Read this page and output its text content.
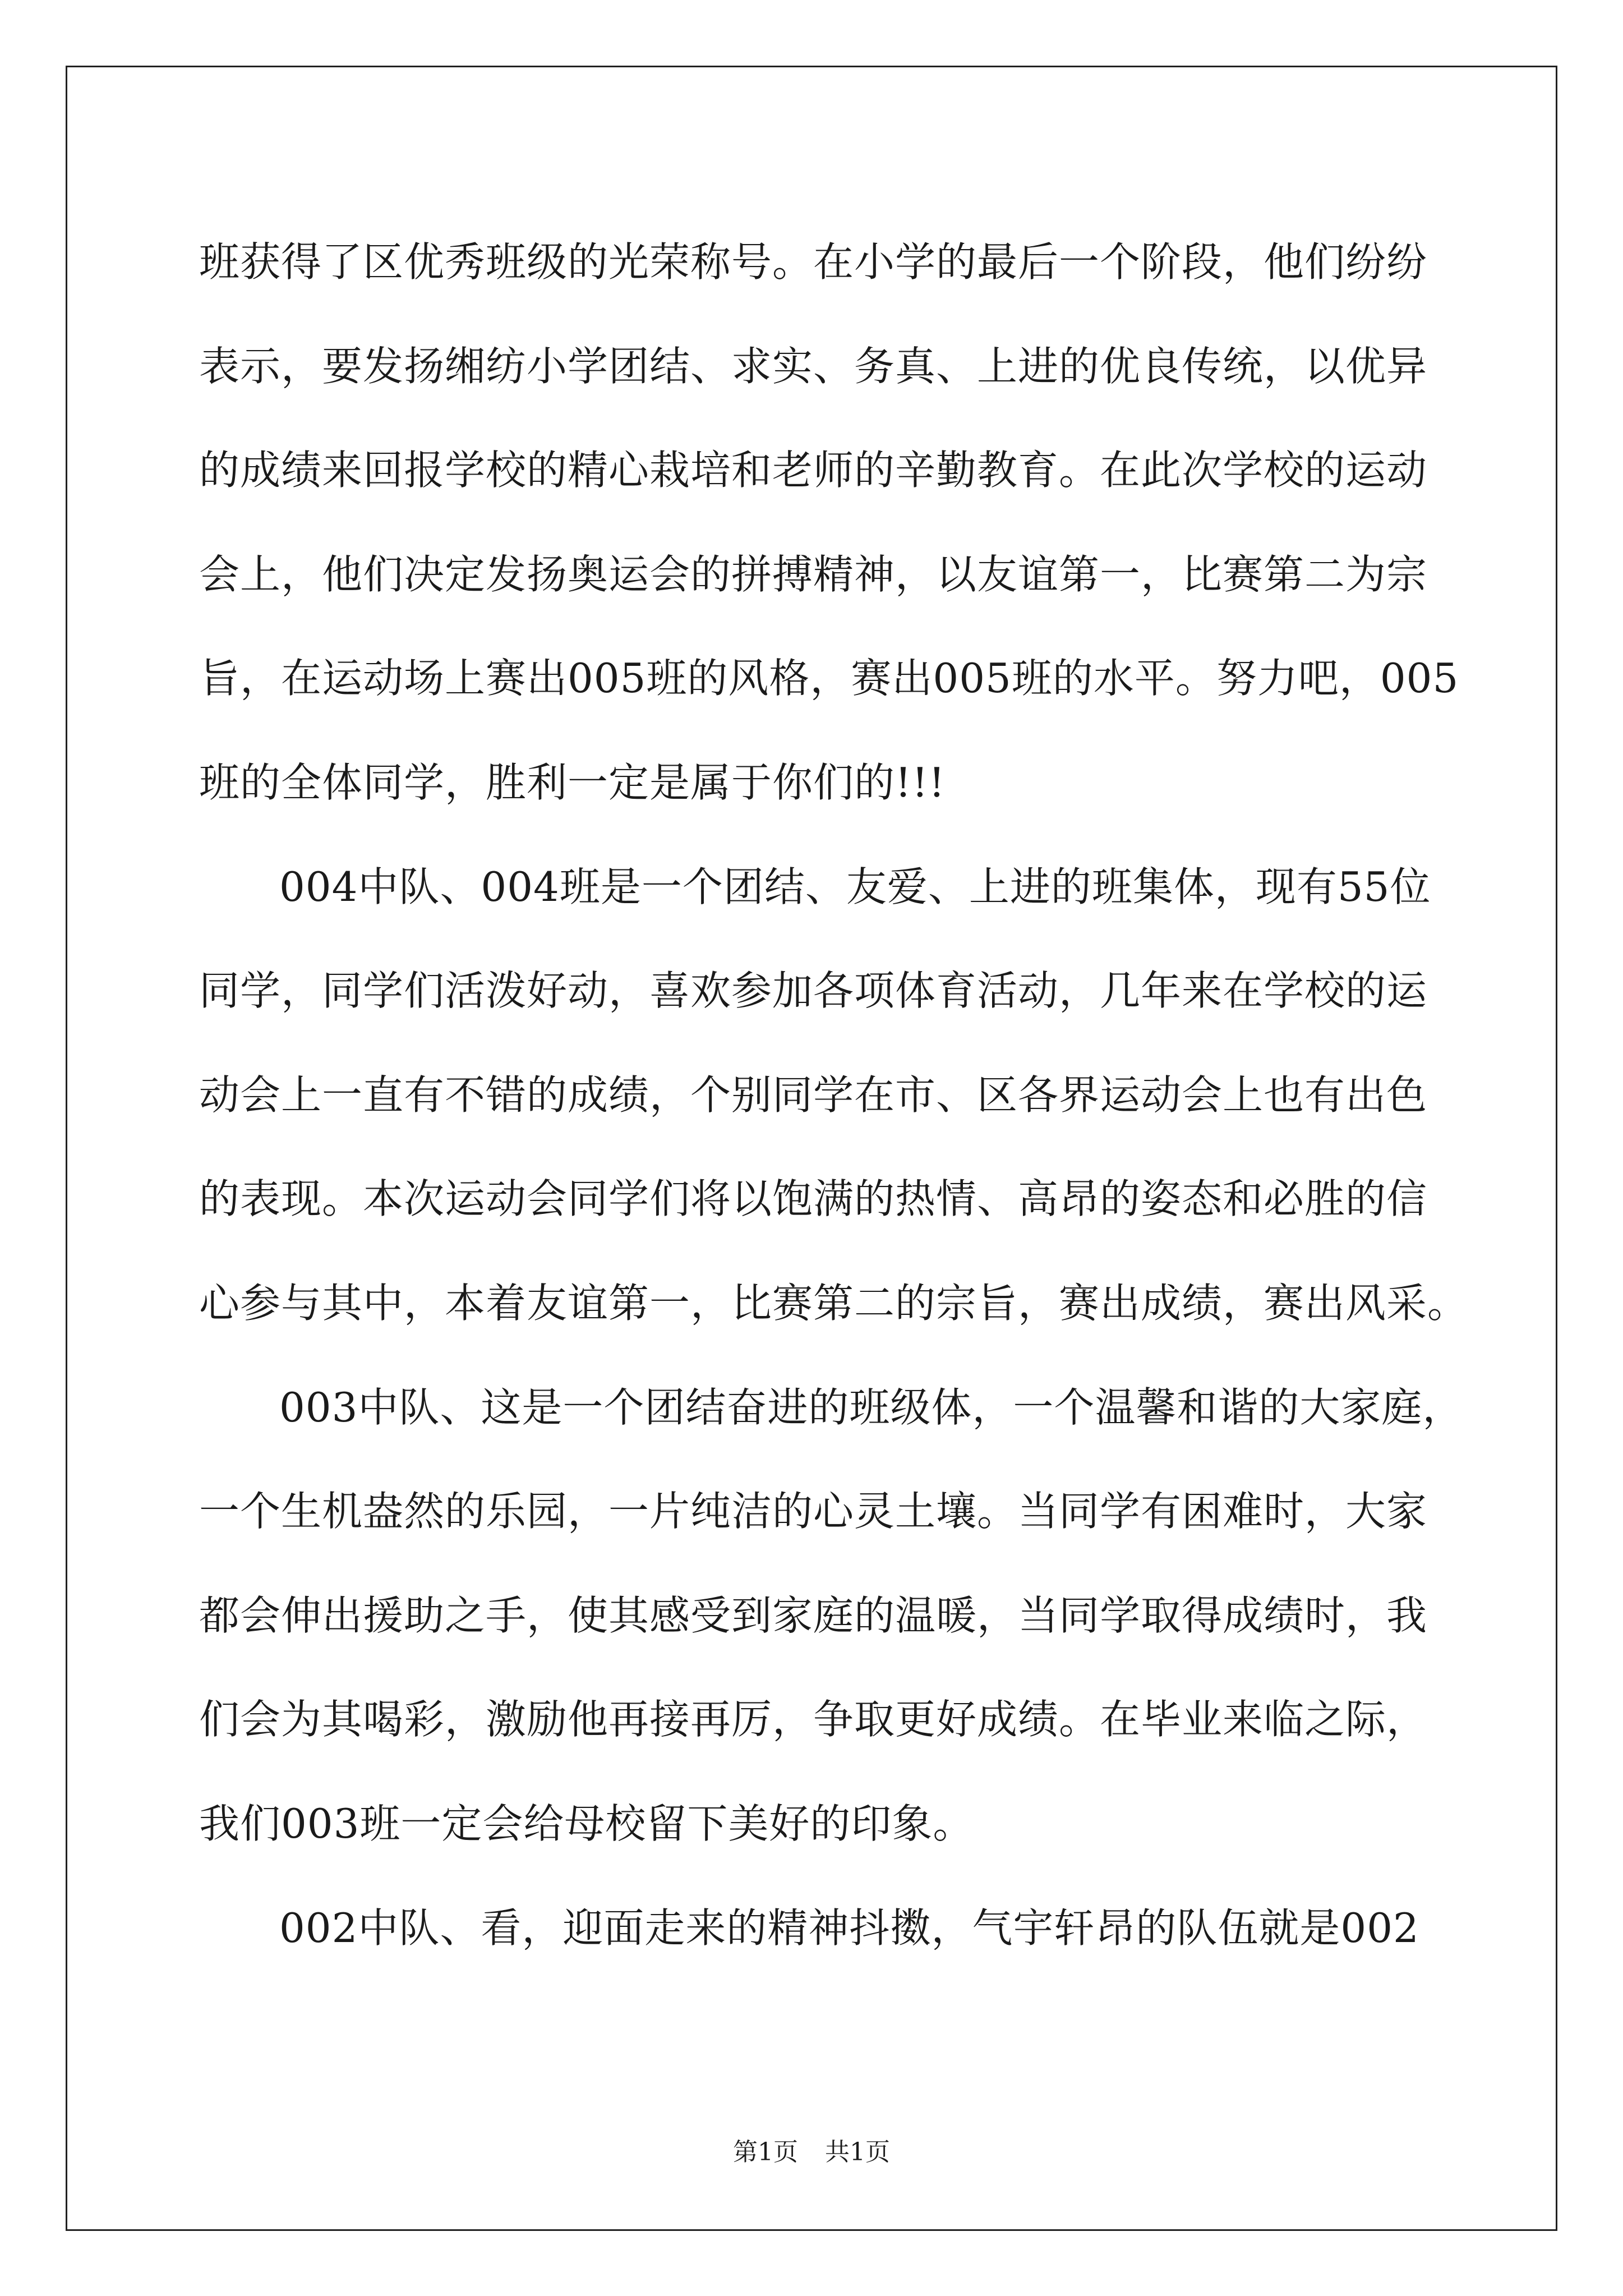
班获得了区优秀班级的光荣称号。在小学的最后一个阶段，他们纷纷
表示，要发扬缃纺小学团结、求实、务真、上进的优良传统，以优异
的成绩来回报学校的精心栽培和老师的辛勤教育。在此次学校的运动
会上，他们决定发扬奥运会的拼搏精神，以友谊第一，比赛第二为宗
旨，在运动场上赛出005班的风格，赛出005班的水平。努力吧，005
班的全体同学，胜利一定是属于你们的!!!
004中队、004班是一个团结、友爱、上进的班集体，现有55位
同学，同学们活泼好动，喜欢参加各项体育活动，几年来在学校的运
动会上一直有不错的成绩，个别同学在市、区各界运动会上也有出色
的表现。本次运动会同学们将以饱满的热情、高昂的姿态和必胜的信
心参与其中，本着友谊第一，比赛第二的宗旨，赛出成绩，赛出风采。
003中队、这是一个团结奋进的班级体，一个温馨和谐的大家庭，
一个生机盎然的乐园，一片纯洁的心灵土壤。当同学有困难时，大家
都会伸出援助之手，使其感受到家庭的温暖，当同学取得成绩时，我
们会为其喝彩，激励他再接再厉，争取更好成绩。在毕业来临之际，
我们003班一定会给母校留下美好的印象。
002中队、看，迎面走来的精神抖擞，气宇轩昂的队伍就是002
第1页 共1页
